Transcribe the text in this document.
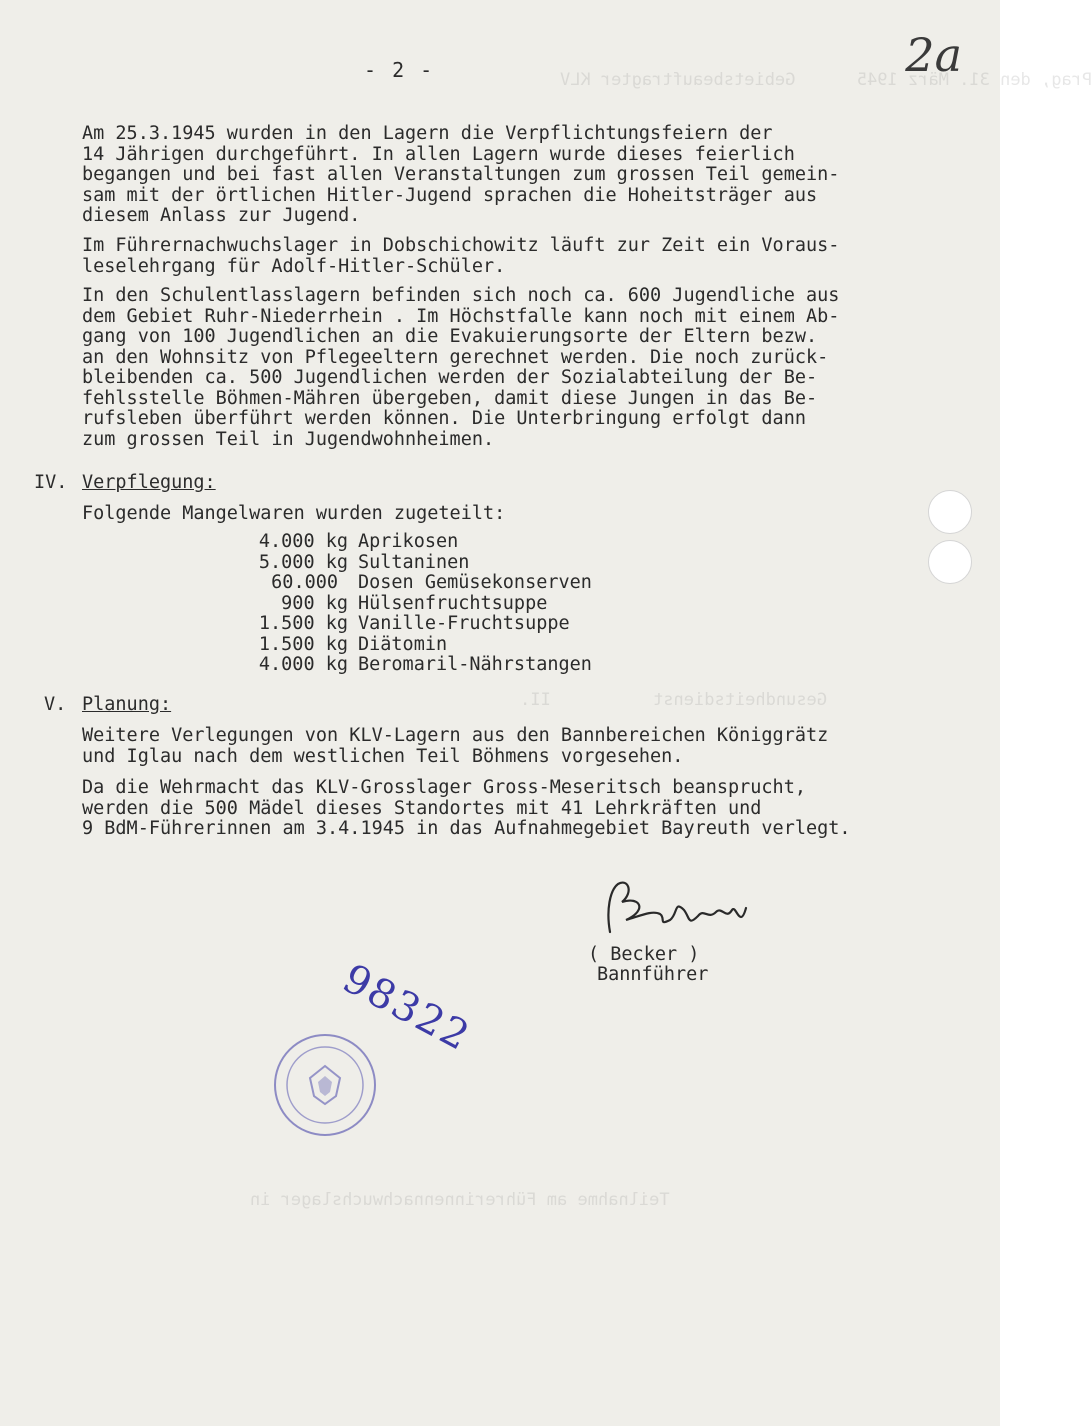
Prag, den 31. März 1945      Gebietsbeauftragter KLV
Gesundheitsdienst          II.
Teilnahme am Führerinnennachwuchslager in
2a
- 2 -
Am 25.3.1945 wurden in den Lagern die Verpflichtungsfeiern der
14 Jährigen durchgeführt. In allen Lagern wurde dieses feierlich
begangen und bei fast allen Veranstaltungen zum grossen Teil gemein-
sam mit der örtlichen Hitler-Jugend sprachen die Hoheitsträger aus
diesem Anlass zur Jugend.
Im Führernachwuchslager in Dobschichowitz läuft zur Zeit ein Voraus-
leselehrgang für Adolf-Hitler-Schüler.
In den Schulentlasslagern befinden sich noch ca. 600 Jugendliche aus
dem Gebiet Ruhr-Niederrhein . Im Höchstfalle kann noch mit einem Ab-
gang von 100 Jugendlichen an die Evakuierungsorte der Eltern bezw.
an den Wohnsitz von Pflegeeltern gerechnet werden. Die noch zurück-
bleibenden ca. 500 Jugendlichen werden der Sozialabteilung der Be-
fehlsstelle Böhmen-Mähren übergeben, damit diese Jungen in das Be-
rufsleben überführt werden können. Die Unterbringung erfolgt dann
zum grossen Teil in Jugendwohnheimen.
IV. Verpflegung:
Folgende Mangelwaren wurden zugeteilt:
4.000 kg Aprikosen
5.000 kg Sultaninen
60.000 Dosen Gemüsekonserven
900 kg Hülsenfruchtsuppe
1.500 kg Vanille-Fruchtsuppe
1.500 kg Diätomin
4.000 kg Beromaril-Nährstangen
V. Planung:
Weitere Verlegungen von KLV-Lagern aus den Bannbereichen Königgrätz
und Iglau nach dem westlichen Teil Böhmens vorgesehen.
Da die Wehrmacht das KLV-Grosslager Gross-Meseritsch beansprucht,
werden die 500 Mädel dieses Standortes mit 41 Lehrkräften und
9 BdM-Führerinnen am 3.4.1945 in das Aufnahmegebiet Bayreuth verlegt.
( Becker )
Bannführer
98322
